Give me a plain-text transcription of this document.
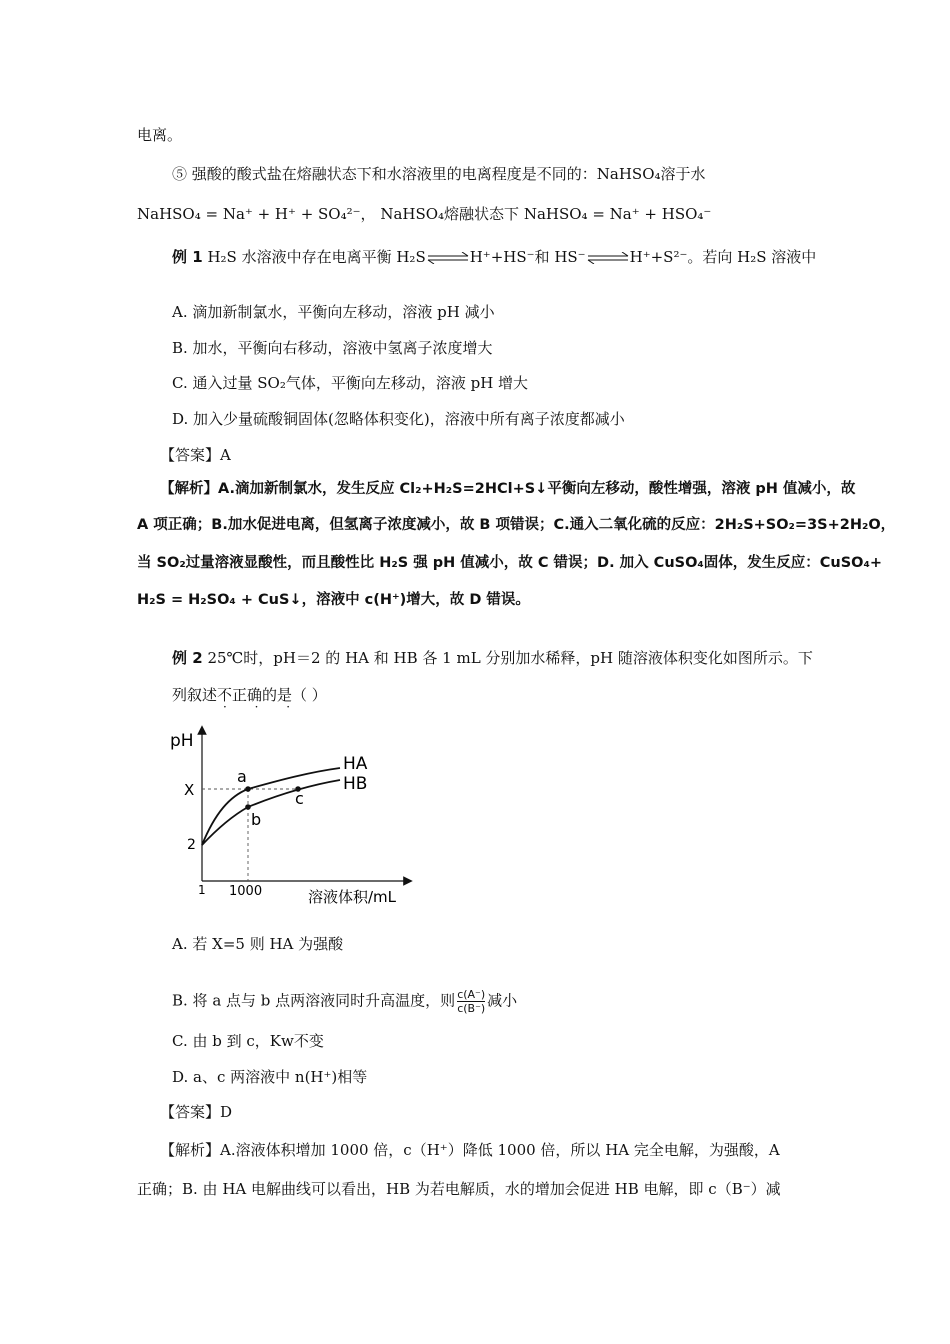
电离。
⑤ 强酸的酸式盐在熔融状态下和水溶液里的电离程度是不同的：NaHSO₄溶于水
NaHSO₄ = Na⁺ + H⁺ + SO₄²⁻， NaHSO₄熔融状态下 NaHSO₄ = Na⁺ + HSO₄⁻
例 1 H₂S 水溶液中存在电离平衡 H₂S⇌H⁺+HS⁻和 HS⁻⇌H⁺+S²⁻。若向 H₂S 溶液中
A. 滴加新制氯水，平衡向左移动，溶液 pH 减小
B. 加水，平衡向右移动，溶液中氢离子浓度增大
C. 通入过量 SO₂气体，平衡向左移动，溶液 pH 增大
D. 加入少量硫酸铜固体(忽略体积变化)，溶液中所有离子浓度都减小
【答案】A
【解析】A.滴加新制氯水，发生反应 Cl₂+H₂S=2HCl+S↓平衡向左移动，酸性增强，溶液 pH 值减小，故
A 项正确；B.加水促进电离，但氢离子浓度减小，故 B 项错误；C.通入二氧化硫的反应：2H₂S+SO₂=3S+2H₂O，
当 SO₂过量溶液显酸性，而且酸性比 H₂S 强 pH 值减小，故 C 错误；D. 加入 CuSO₄固体，发生反应：CuSO₄+
H₂S = H₂SO₄ + CuS↓，溶液中 c(H⁺)增大，故 D 错误。
例 2 25℃时，pH＝2 的 HA 和 HB 各 1 mL 分别加水稀释，pH 随溶液体积变化如图所示。下
列叙述不正确的是（ ）
· · ·
pH
X
2
1 1000	溶液体积/mL
HA
HB
a
b
c
A. 若 X=5 则 HA 为强酸
B. 将 a 点与 b 点两溶液同时升高温度，则 $\frac{c(A^-)}{c(B^-)}$ 减小
C. 由 b 到 c，Kw不变
D. a、c 两溶液中 n(H⁺)相等
【答案】D
【解析】A.溶液体积增加 1000 倍，c（H⁺）降低 1000 倍，所以 HA 完全电解，为强酸，A
正确；B. 由 HA 电解曲线可以看出，HB 为若电解质，水的增加会促进 HB 电解，即 c（B⁻）减
